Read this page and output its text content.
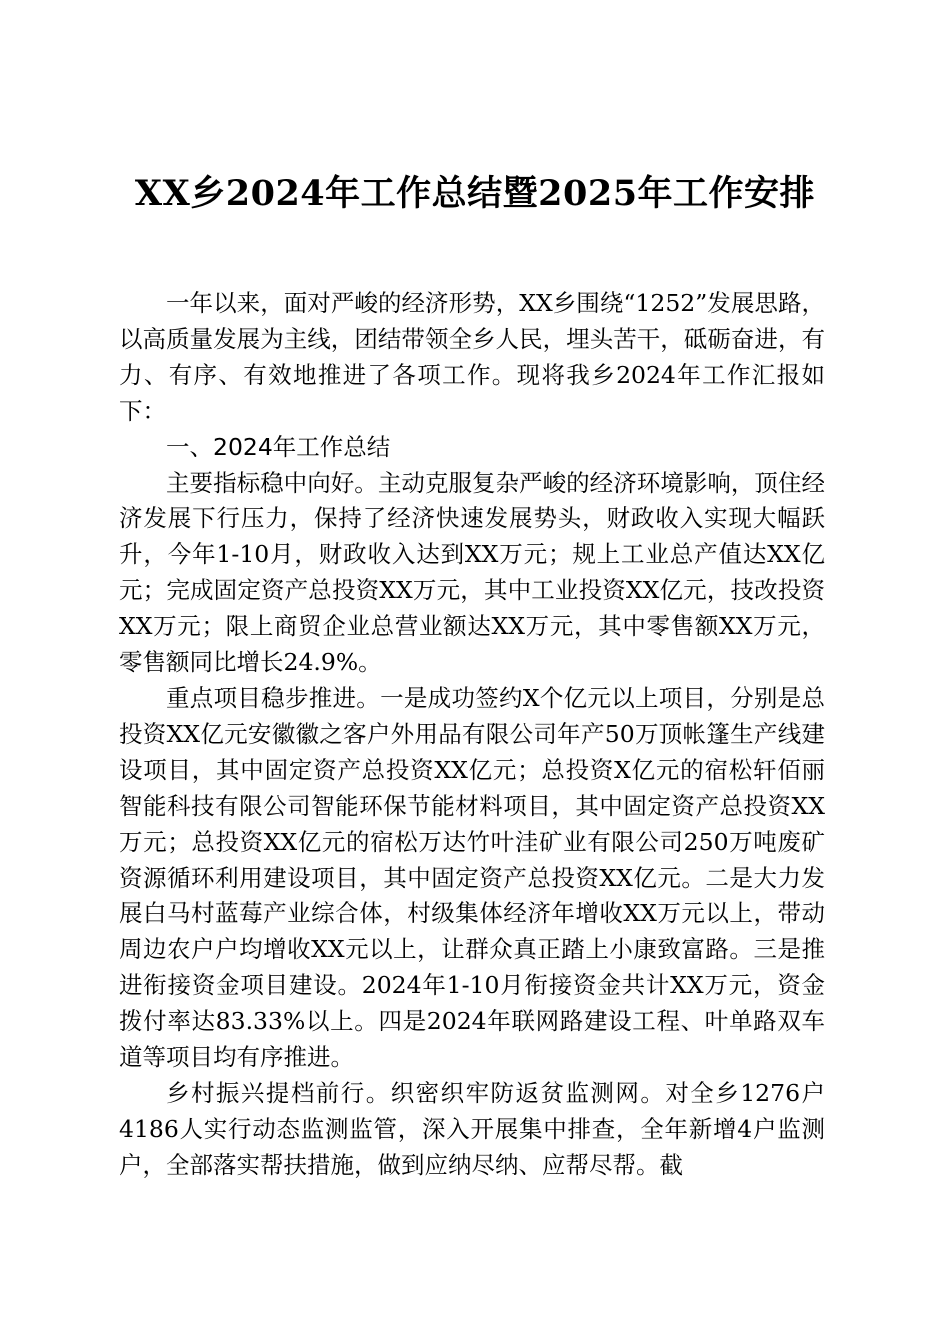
XX乡2024年工作总结暨2025年工作安排

一年以来，面对严峻的经济形势，XX乡围绕“1252”发展思路，以高质量发展为主线，团结带领全乡人民，埋头苦干，砥砺奋进，有力、有序、有效地推进了各项工作。现将我乡2024年工作汇报如下：

一、2024年工作总结

主要指标稳中向好。主动克服复杂严峻的经济环境影响，顶住经济发展下行压力，保持了经济快速发展势头，财政收入实现大幅跃升，今年1-10月，财政收入达到XX万元；规上工业总产值达XX亿元；完成固定资产总投资XX万元，其中工业投资XX亿元，技改投资XX万元；限上商贸企业总营业额达XX万元，其中零售额XX万元，零售额同比增长24.9%。

重点项目稳步推进。一是成功签约X个亿元以上项目，分别是总投资XX亿元安徽徽之客户外用品有限公司年产50万顶帐篷生产线建设项目，其中固定资产总投资XX亿元；总投资X亿元的宿松轩佰丽智能科技有限公司智能环保节能材料项目，其中固定资产总投资XX万元；总投资XX亿元的宿松万达竹叶洼矿业有限公司250万吨废矿资源循环利用建设项目，其中固定资产总投资XX亿元。二是大力发展白马村蓝莓产业综合体，村级集体经济年增收XX万元以上，带动周边农户户均增收XX元以上，让群众真正踏上小康致富路。三是推进衔接资金项目建设。2024年1-10月衔接资金共计XX万元，资金拨付率达83.33%以上。四是2024年联网路建设工程、叶单路双车道等项目均有序推进。

乡村振兴提档前行。织密织牢防返贫监测网。对全乡1276户4186人实行动态监测监管，深入开展集中排查，全年新增4户监测户，全部落实帮扶措施，做到应纳尽纳、应帮尽帮。截
